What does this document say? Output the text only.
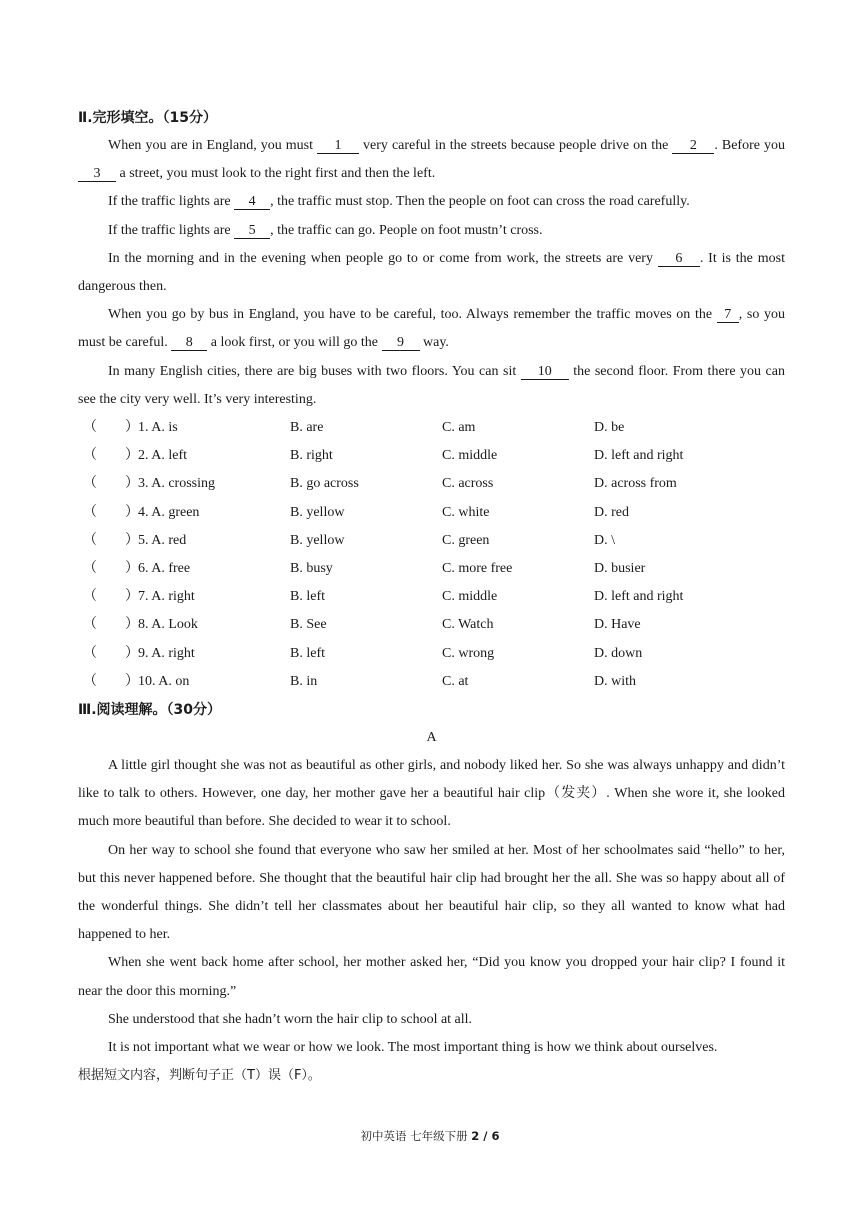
Ⅱ.完形填空。（15分）

When you are in England, you must 1 very careful in the streets because people drive on the 2 . Before you 3 a street, you must look to the right first and then the left.

If the traffic lights are 4 , the traffic must stop. Then the people on foot can cross the road carefully.

If the traffic lights are 5 , the traffic can go. People on foot mustn’t cross.

In the morning and in the evening when people go to or come from work, the streets are very 6 . It is the most dangerous then.

When you go by bus in England, you have to be careful, too. Always remember the traffic moves on the 7 , so you must be careful. 8 a look first, or you will go the 9 way.

In many English cities, there are big buses with two floors. You can sit 10 the second floor. From there you can see the city very well. It’s very interesting.

（　　） 1. A. is	B. are	C. am	D. be
（　　） 2. A. left	B. right	C. middle	D. left and right
（　　） 3. A. crossing	B. go across	C. across	D. across from
（　　） 4. A. green	B. yellow	C. white	D. red
（　　） 5. A. red	B. yellow	C. green	D. \
（　　） 6. A. free	B. busy	C. more free	D. busier
（　　） 7. A. right	B. left	C. middle	D. left and right
（　　） 8. A. Look	B. See	C. Watch	D. Have
（　　） 9. A. right	B. left	C. wrong	D. down
（　　） 10. A. on	B. in	C. at	D. with
Ⅲ.阅读理解。（30分）
A

A little girl thought she was not as beautiful as other girls, and nobody liked her. So she was always unhappy and didn’t like to talk to others. However, one day, her mother gave her a beautiful hair clip（发夹）. When she wore it, she looked much more beautiful than before. She decided to wear it to school.

On her way to school she found that everyone who saw her smiled at her. Most of her schoolmates said “hello” to her, but this never happened before. She thought that the beautiful hair clip had brought her the all. She was so happy about all of the wonderful things. She didn’t tell her classmates about her beautiful hair clip, so they all wanted to know what had happened to her.

When she went back home after school, her mother asked her, “Did you know you dropped your hair clip? I found it near the door this morning.”

She understood that she hadn’t worn the hair clip to school at all.

It is not important what we wear or how we look. The most important thing is how we think about ourselves.

根据短文内容，判断句子正（T）误（F）。

初中英语 七年级下册 2 / 6
